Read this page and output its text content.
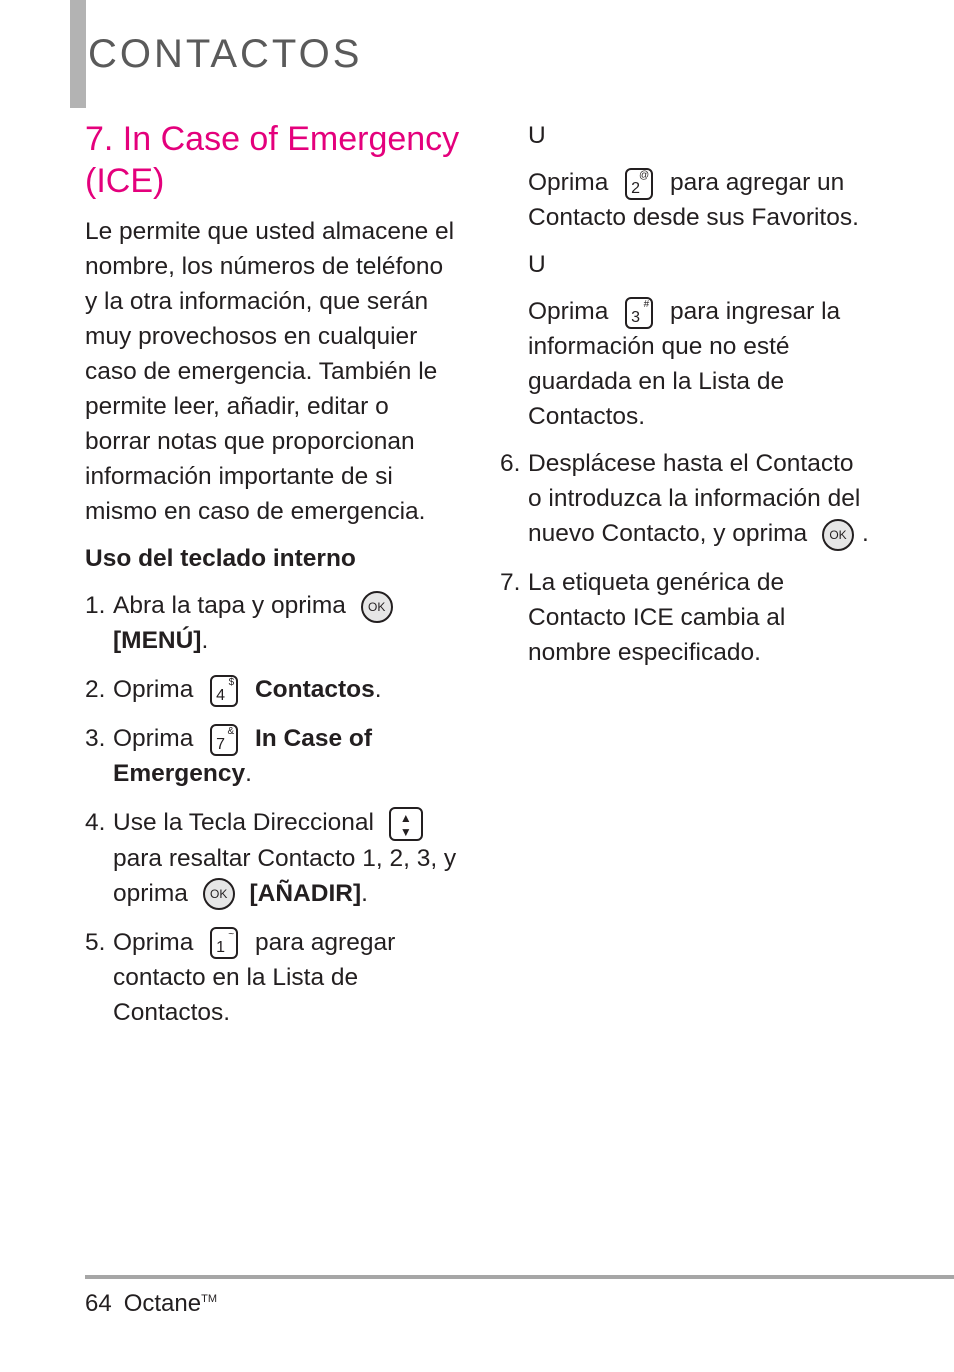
CONTACTOS
7. In Case of Emergency (ICE)
Le permite que usted almacene el nombre, los números de teléfono y la otra información, que serán muy provechosos en cualquier caso de emergencia. También le permite leer, añadir, editar o borrar notas que proporcionan información importante de si mismo en caso de emergencia.
Uso del teclado interno
1. Abra la tapa y oprima OK [MENÚ].
2. Oprima 4
$ Contactos.
3. Oprima 7
& In Case of Emergency.
4. Use la Tecla Direccional ▲
▼ para resaltar Contacto 1, 2, 3, y oprima OK [AÑADIR].
5. Oprima 1
~ para agregar contacto en la Lista de Contactos.
U
Oprima 2
@ para agregar un Contacto desde sus Favoritos.
U
Oprima 3
# para ingresar la información que no esté guardada en la Lista de Contactos.
6. Desplácese hasta el Contacto o introduzca la información del nuevo Contacto, y oprima OK .
7. La etiqueta genérica de Contacto ICE cambia al nombre especificado.
64 Octane™
